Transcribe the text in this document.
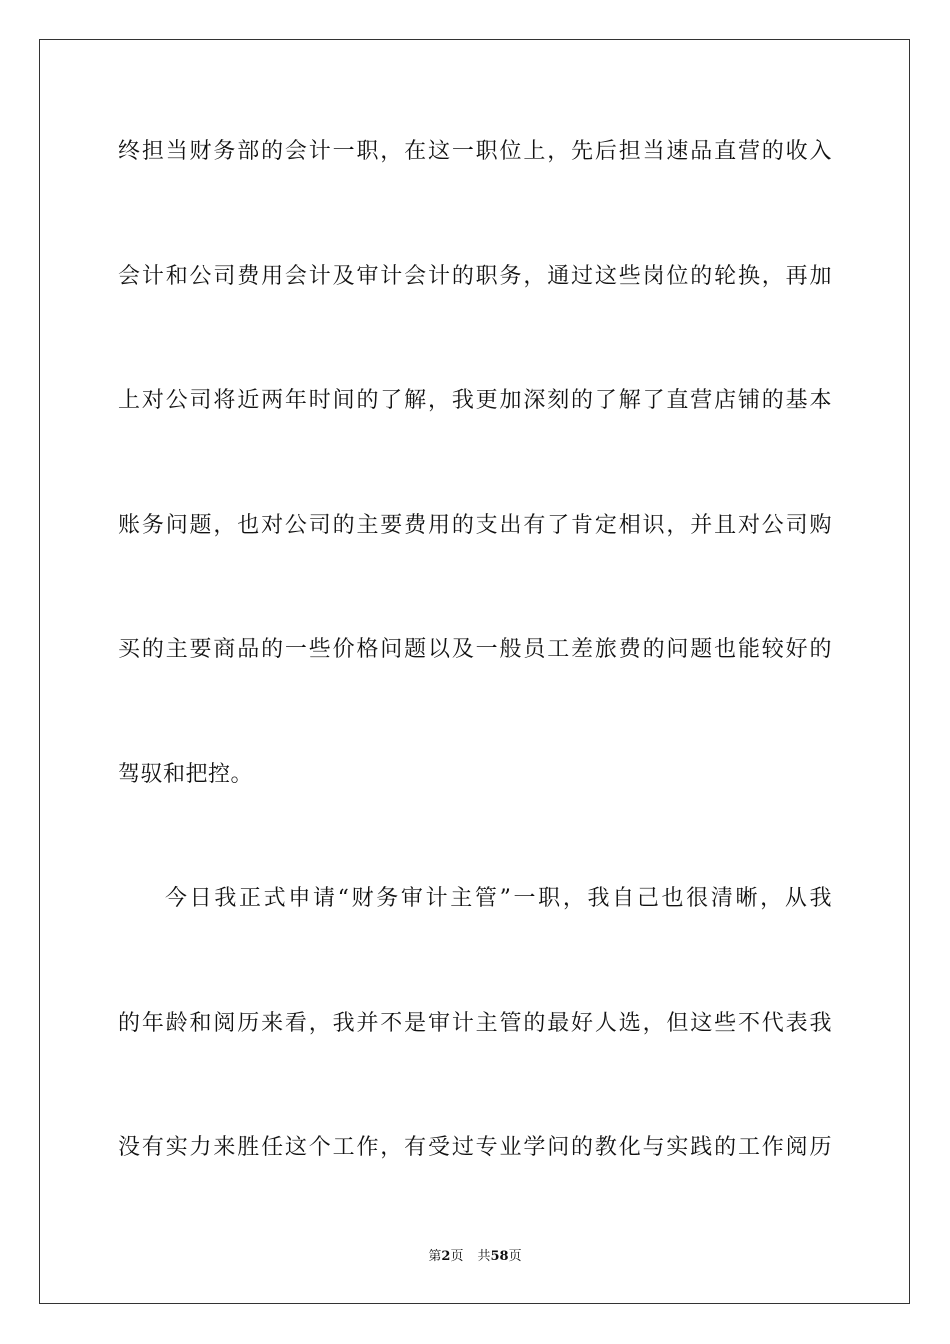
终担当财务部的会计一职，在这一职位上，先后担当速品直营的收入
会计和公司费用会计及审计会计的职务，通过这些岗位的轮换，再加
上对公司将近两年时间的了解，我更加深刻的了解了直营店铺的基本
账务问题，也对公司的主要费用的支出有了肯定相识，并且对公司购
买的主要商品的一些价格问题以及一般员工差旅费的问题也能较好的
驾驭和把控。
今日我正式申请“财务审计主管”一职，我自己也很清晰，从我
的年龄和阅历来看，我并不是审计主管的最好人选，但这些不代表我
没有实力来胜任这个工作，有受过专业学问的教化与实践的工作阅历
第2页 共58页
